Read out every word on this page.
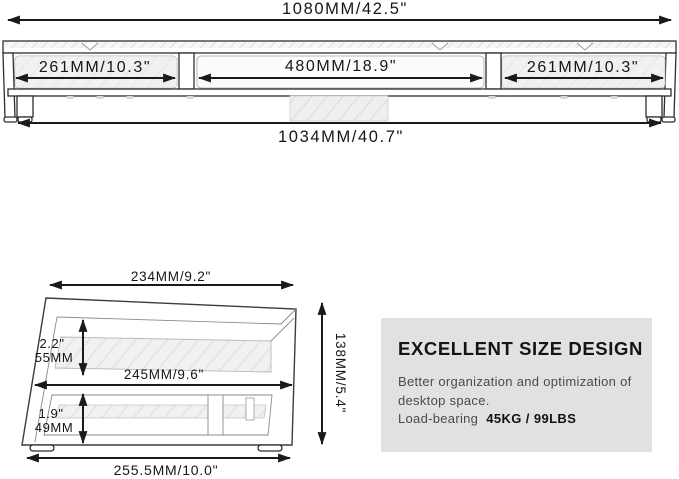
1080MM/42.5"
261MM/10.3"	480MM/18.9"	261MM/10.3"
1034MM/40.7"
234MM/9.2"
2.2"
55MM
245MM/9.6"
1.9"
49MM
255.5MM/10.0"
138MM/5.4"	EXCELLENT SIZE DESIGN
Better organization and optimization of
desktop space.
Load-bearing 45KG / 99LBS
